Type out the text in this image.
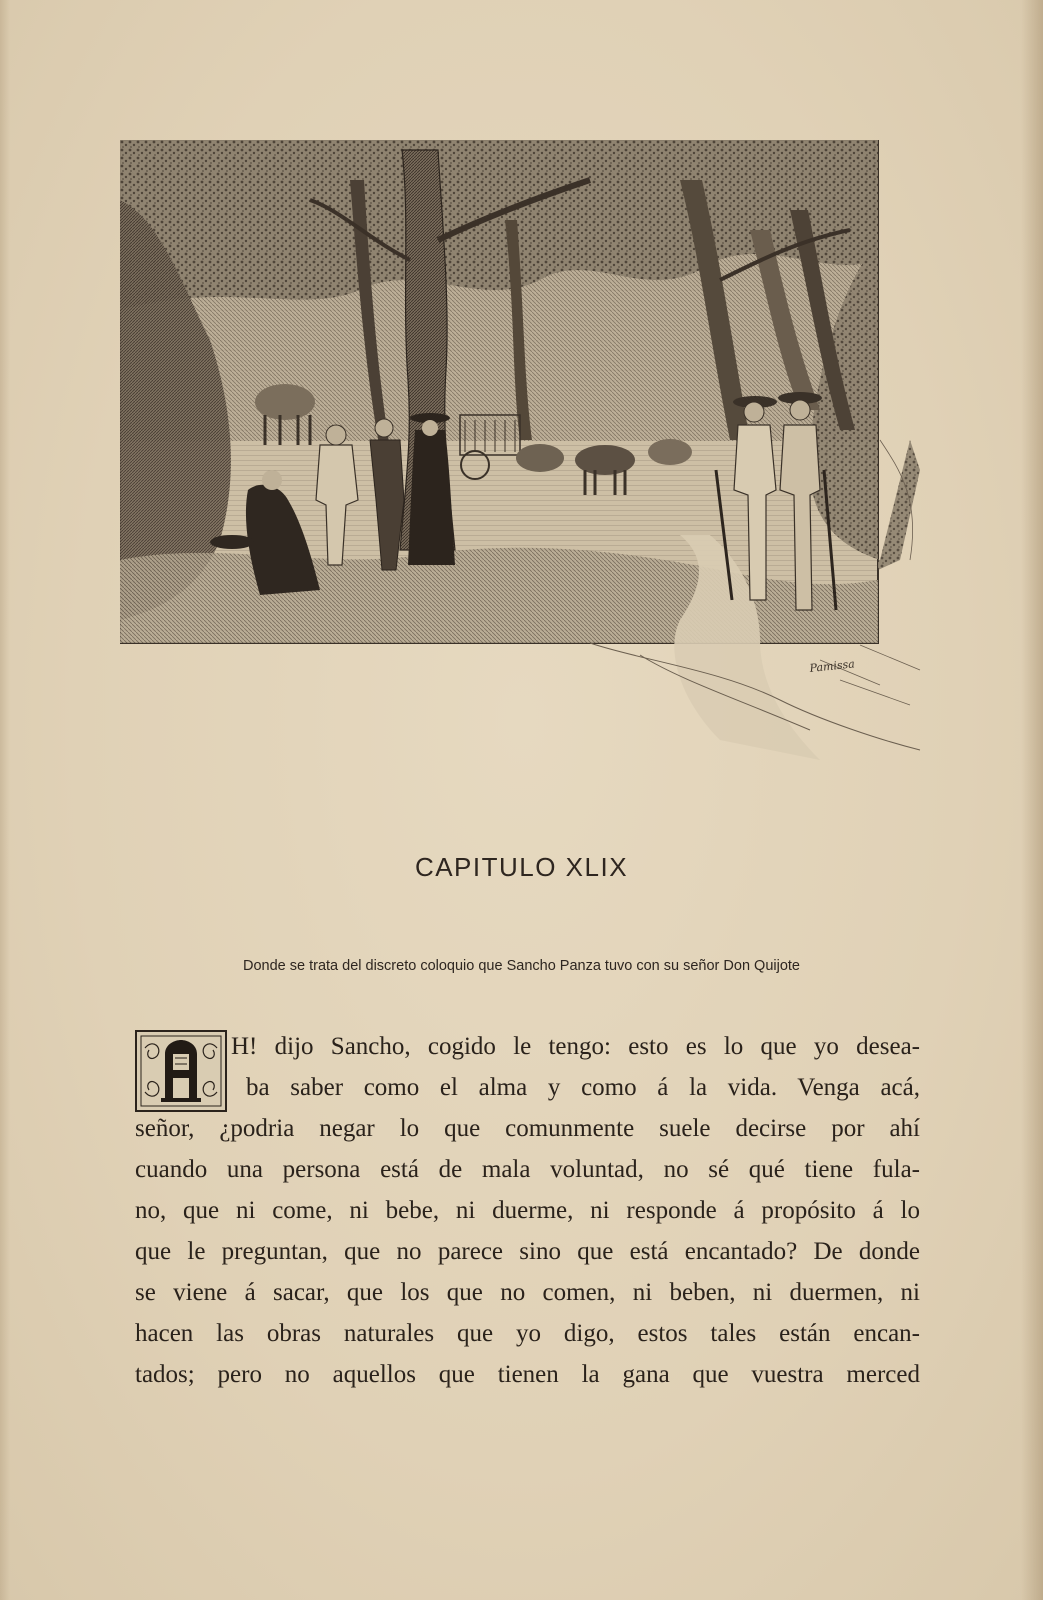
Pamissa
CAPITULO XLIX

Donde se trata del discreto coloquio que Sancho Panza tuvo con su señor Don Quijote

H! dijo Sancho, cogido le tengo: esto es lo que yo desea-
ba saber como el alma y como á la vida. Venga acá,
señor, ¿podria negar lo que comunmente suele decirse por ahí
cuando una persona está de mala voluntad, no sé qué tiene fula-
no, que ni come, ni bebe, ni duerme, ni responde á propósito á lo
que le preguntan, que no parece sino que está encantado? De donde
se viene á sacar, que los que no comen, ni beben, ni duermen, ni
hacen las obras naturales que yo digo, estos tales están encan-
tados; pero no aquellos que tienen la gana que vuestra merced
